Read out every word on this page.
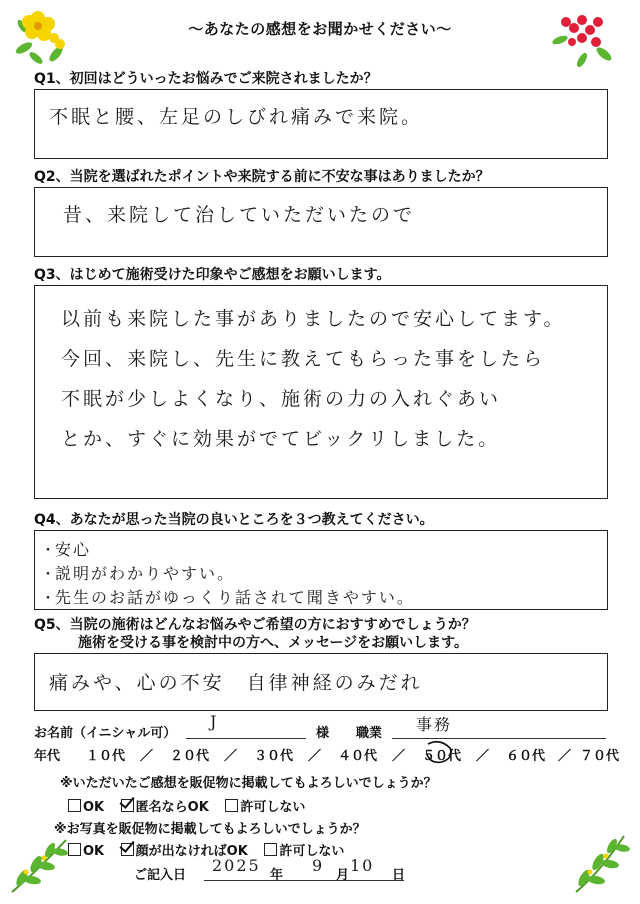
～あなたの感想をお聞かせください～
Q1、初回はどういったお悩みでご来院されましたか？
不眠と腰、左足のしびれ痛みで来院。
Q2、当院を選ばれたポイントや来院する前に不安な事はありましたか？
昔、来院して治していただいたので
Q3、はじめて施術受けた印象やご感想をお願いします。
以前も来院した事がありましたので安心してます。
今回、来院し、先生に教えてもらった事をしたら
不眠が少しよくなり、施術の力の入れぐあい
とか、すぐに効果がでてビックリしました。
Q4、あなたが思った当院の良いところを３つ教えてください。
・安心
・説明がわかりやすい。
・先生のお話がゆっくり話されて聞きやすい。
Q5、当院の施術はどんなお悩みやご希望の方におすすめでしょうか？
施術を受ける事を検討中の方へ、メッセージをお願いします。
痛みや、心の不安　自律神経のみだれ
お名前（イニシャル可）
J
様 職業 事務
年代 １０代 ／ ２０代 ／ ３０代 ／ ４０代 ／ ５０代 ／ ６０代 ／ ７０代
※いただいたご感想を販促物に掲載してもよろしいでしょうか？
OK 匿名ならOK 許可しない
※お写真を販促物に掲載してもよろしいでしょうか？
OK 顔が出なければOK 許可しない
ご記入日
2025
年
9
月
10
日
